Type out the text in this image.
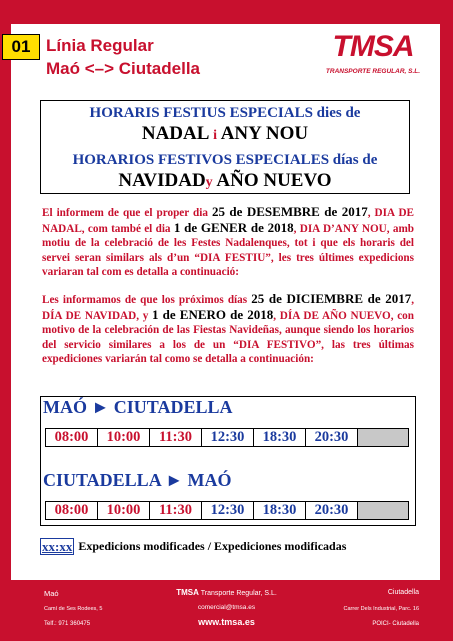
01 Línia Regular
Maó <–> Ciutadella
TMSA
TRANSPORTE REGULAR, S.L.
HORARIS FESTIUS ESPECIALS dies de
NADAL i ANY NOU
HORARIOS FESTIVOS ESPECIALES días de
NAVIDADy AÑO NUEVO
El informem de que el proper dia 25 de DESEMBRE de 2017, DIA DE NADAL, com també el dia 1 de GENER de 2018, DIA D’ANY NOU, amb motiu de la celebració de les Festes Nadalenques, tot i que els horaris del servei seran similars als d’un “DIA FESTIU”, les tres últimes expedicions variaran tal com es detalla a continuació:
Les informamos de que los próximos días 25 de DICIEMBRE de 2017, DÍA DE NAVIDAD, y 1 de ENERO de 2018, DÍA DE AÑO NUEVO, con motivo de la celebración de las Fiestas Navideñas, aunque siendo los horarios del servicio similares a los de un “DIA FESTIVO”, las tres últimas expediciones variarán tal como se detalla a continuación:
MAÓ ► CIUTADELLA
08:00	10:00	11:30	12:30	18:30	20:30
CIUTADELLA ► MAÓ
08:00	10:00	11:30	12:30	18:30	20:30
xx:xx Expedicions modificades / Expediciones modificadas
Maó
Camí de Ses Rodees, 5
Telf.: 971 360475
TMSA Transporte Regular, S.L.
comercial@tmsa.es
www.tmsa.es
Ciutadella
Carrer Dels Industrial, Parc. 16
POICI- Ciutadella
